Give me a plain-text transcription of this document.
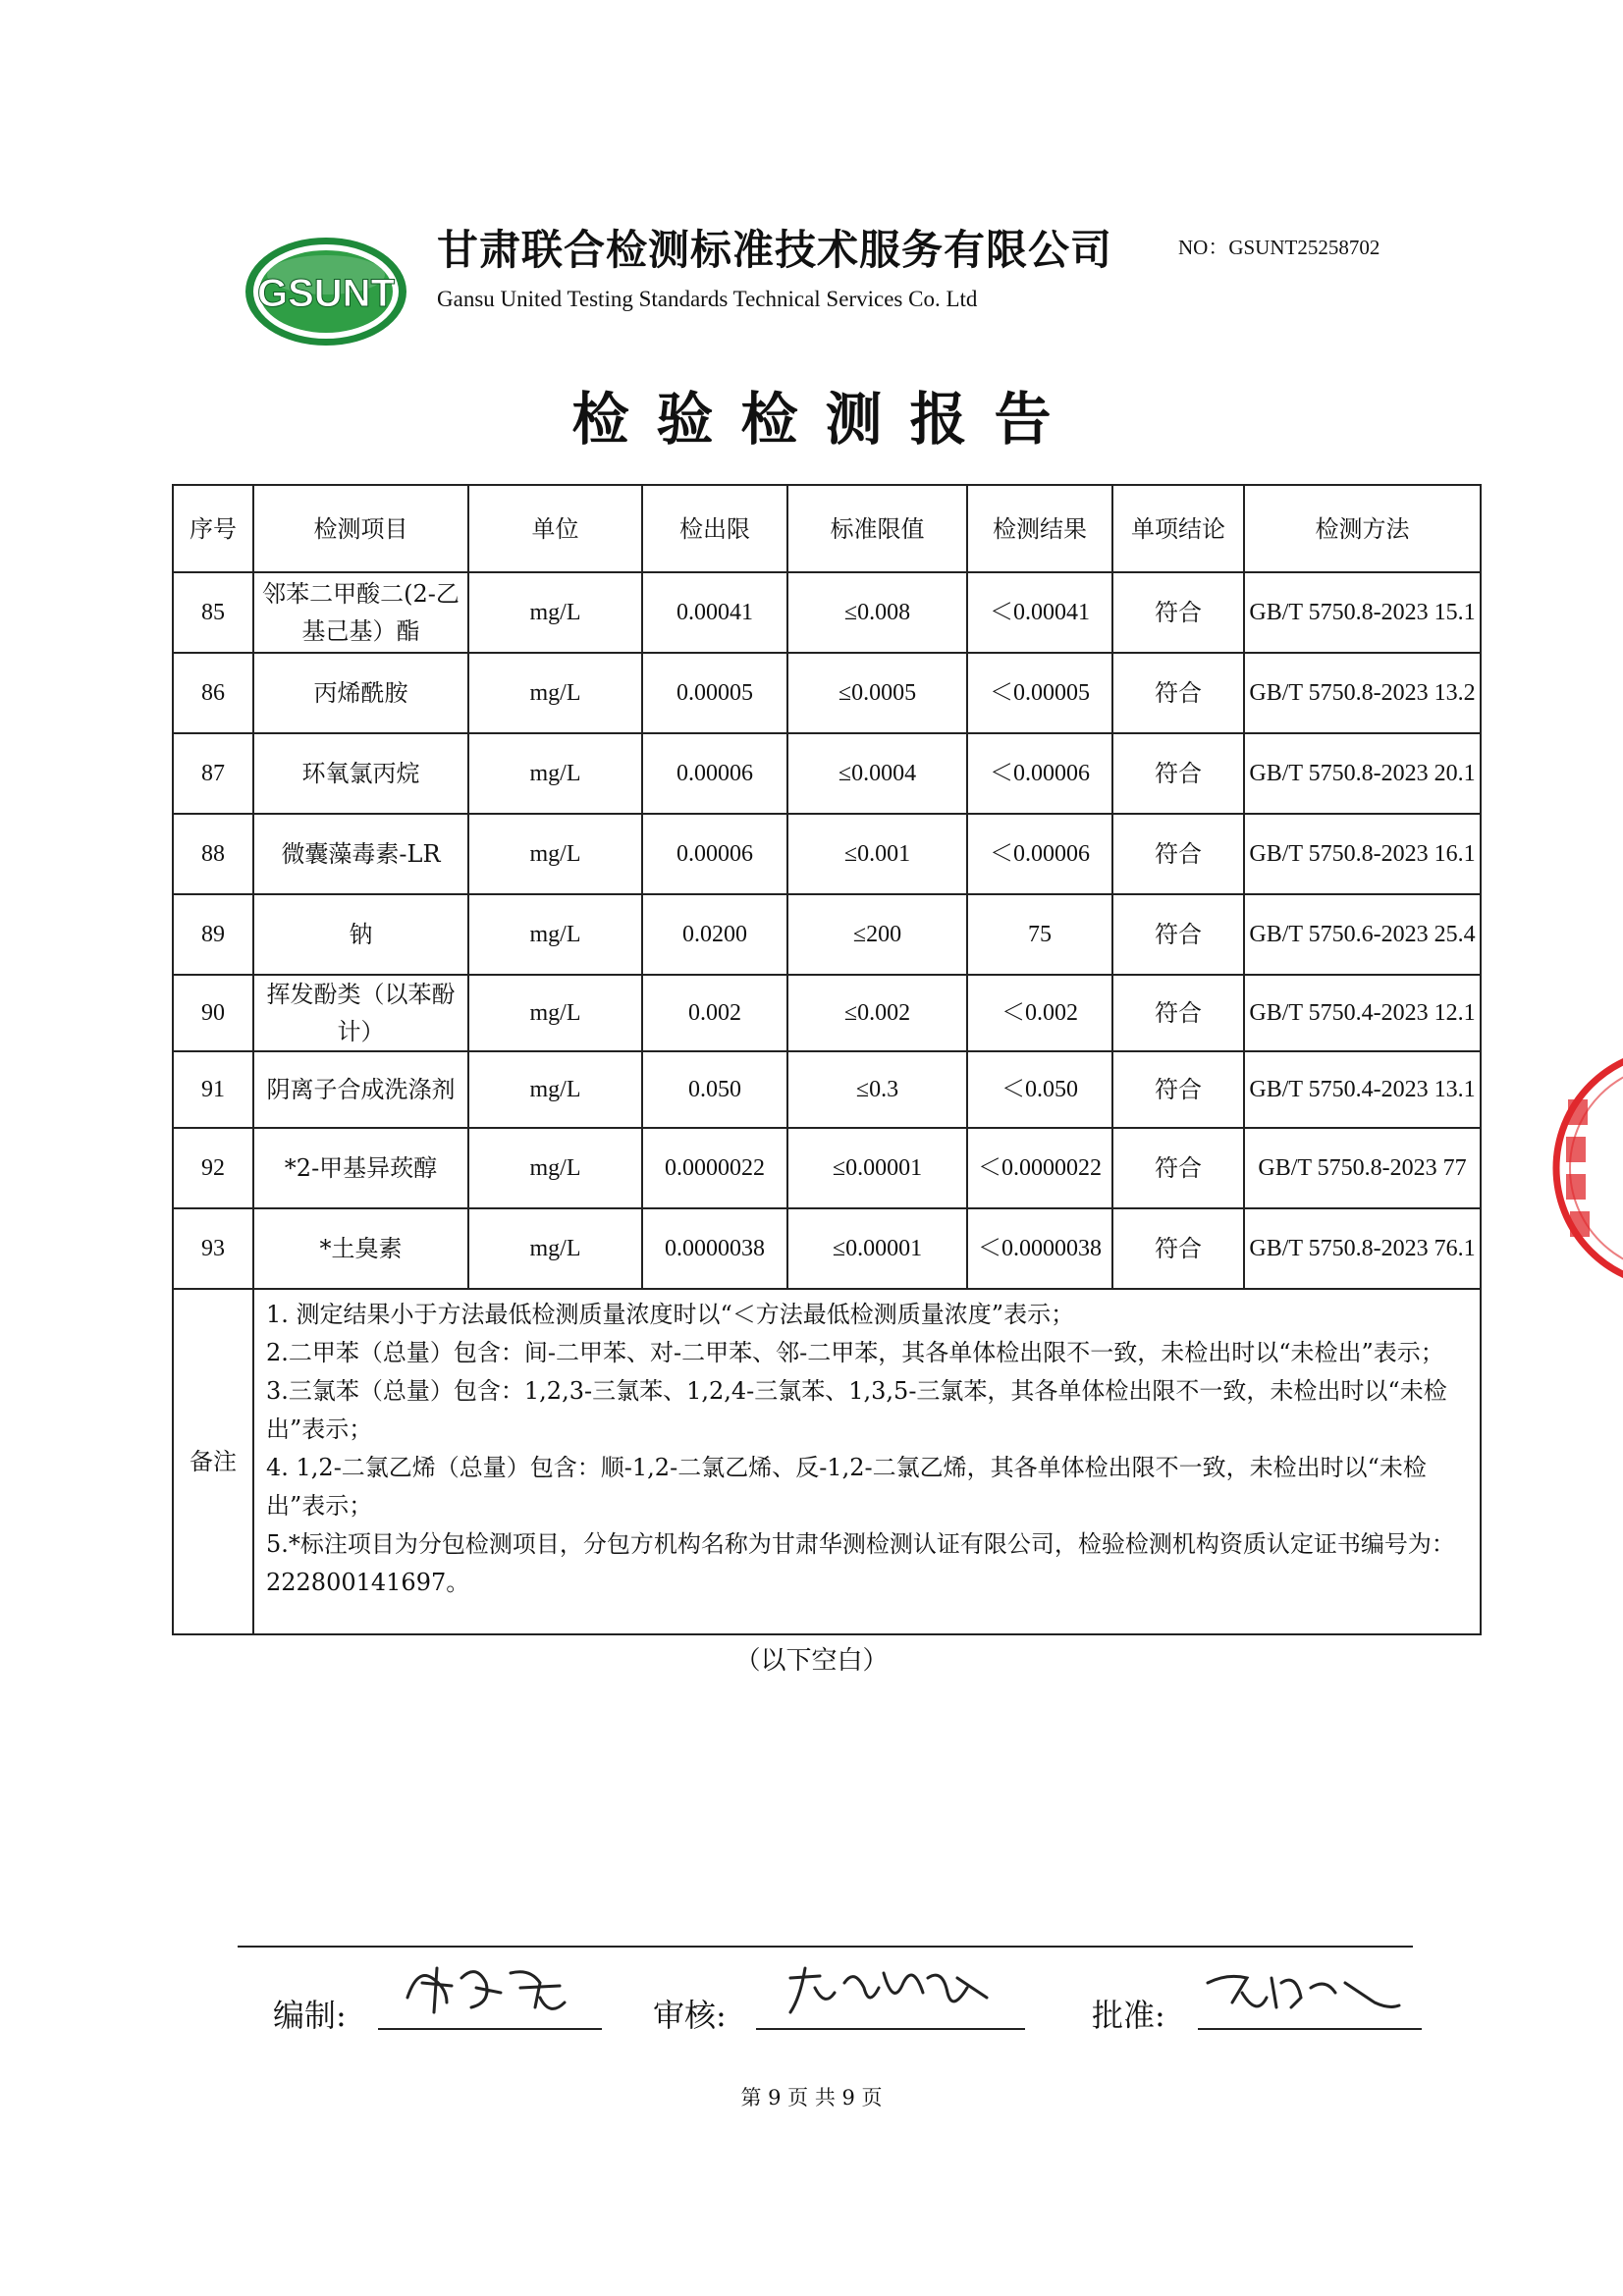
GSUNT
甘肃联合检测标准技术服务有限公司
Gansu United Testing Standards Technical Services Co. Ltd
NO：GSUNT25258702
检验检测报告
序号	检测项目	单位	检出限	标准限值	检测结果	单项结论	检测方法
85	邻苯二甲酸二(2-乙基己基）酯	mg/L	0.00041	≤0.008	＜0.00041	符合	GB/T 5750.8-2023 15.1
86	丙烯酰胺	mg/L	0.00005	≤0.0005	＜0.00005	符合	GB/T 5750.8-2023 13.2
87	环氧氯丙烷	mg/L	0.00006	≤0.0004	＜0.00006	符合	GB/T 5750.8-2023 20.1
88	微囊藻毒素-LR	mg/L	0.00006	≤0.001	＜0.00006	符合	GB/T 5750.8-2023 16.1
89	钠	mg/L	0.0200	≤200	75	符合	GB/T 5750.6-2023 25.4
90	挥发酚类（以苯酚计）	mg/L	0.002	≤0.002	＜0.002	符合	GB/T 5750.4-2023 12.1
91	阴离子合成洗涤剂	mg/L	0.050	≤0.3	＜0.050	符合	GB/T 5750.4-2023 13.1
92	*2-甲基异莰醇	mg/L	0.0000022	≤0.00001	＜0.0000022	符合	GB/T 5750.8-2023 77
93	*土臭素	mg/L	0.0000038	≤0.00001	＜0.0000038	符合	GB/T 5750.8-2023 76.1
备注	1. 测定结果小于方法最低检测质量浓度时以“＜方法最低检测质量浓度”表示；
2.二甲苯（总量）包含：间-二甲苯、对-二甲苯、邻-二甲苯，其各单体检出限不一致，未检出时以“未检出”表示；
3.三氯苯（总量）包含：1,2,3-三氯苯、1,2,4-三氯苯、1,3,5-三氯苯，其各单体检出限不一致，未检出时以“未检出”表示；
4. 1,2-二氯乙烯（总量）包含：顺-1,2-二氯乙烯、反-1,2-二氯乙烯，其各单体检出限不一致，未检出时以“未检出”表示；
5.*标注项目为分包检测项目，分包方机构名称为甘肃华测检测认证有限公司，检验检测机构资质认定证书编号为：222800141697。						
（以下空白）
编制:	审核:	批准:
第 9 页 共 9 页
